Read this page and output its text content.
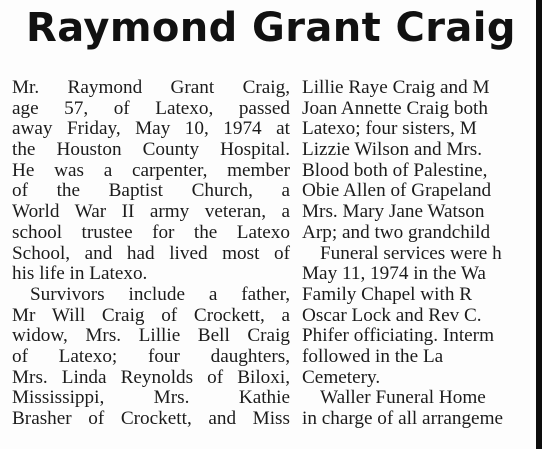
Raymond Grant Craig
Mr. Raymond Grant Craig,
age 57, of Latexo, passed
away Friday, May 10, 1974 at
the Houston County Hospital.
He was a carpenter, member
of the Baptist Church, a
World War II army veteran, a
school trustee for the Latexo
School, and had lived most of
his life in Latexo.
Survivors include a father,
Mr Will Craig of Crockett, a
widow, Mrs. Lillie Bell Craig
of Latexo; four daughters,
Mrs. Linda Reynolds of Biloxi,
Mississippi, Mrs. Kathie
Brasher of Crockett, and Miss
Lillie Raye Craig and M
Joan Annette Craig both
Latexo; four sisters, M
Lizzie Wilson and Mrs.
Blood both of Palestine,
Obie Allen of Grapeland
Mrs. Mary Jane Watson
Arp; and two grandchild
Funeral services were h
May 11, 1974 in the Wa
Family Chapel with R
Oscar Lock and Rev C.
Phifer officiating. Interm
followed in the La
Cemetery.
Waller Funeral Home
in charge of all arrangeme
